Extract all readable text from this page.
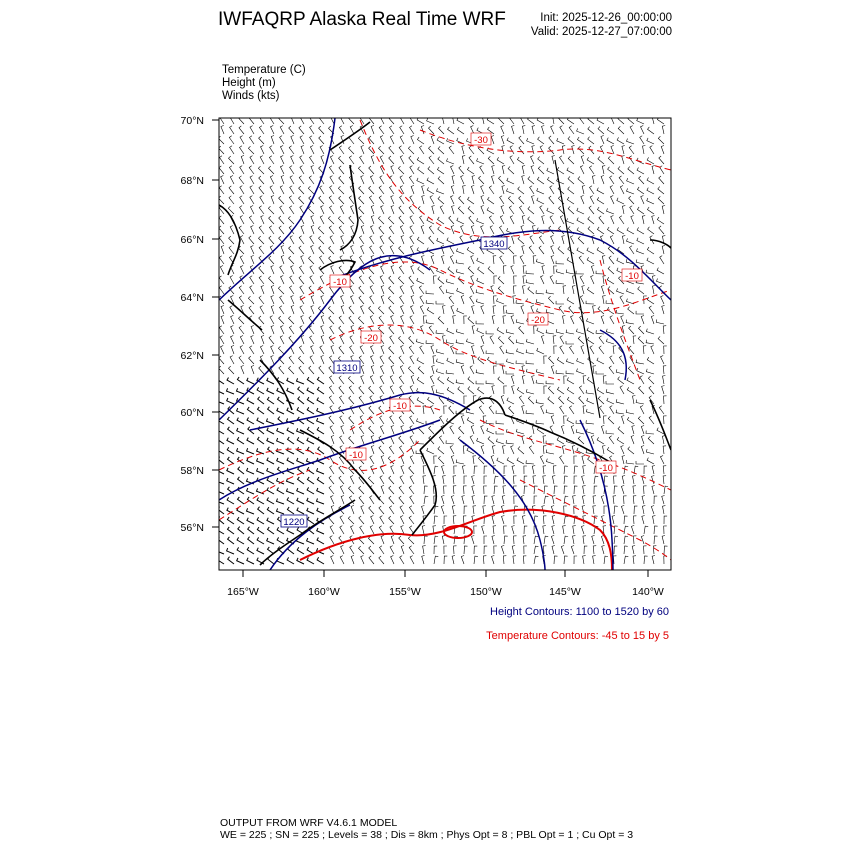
IWFAQRP Alaska Real Time WRF	Init: 2025-12-26_00:00:00
Valid: 2025-12-27_07:00:00
Temperature (C)
Height (m)
Winds (kts)
70°N
68°N
66°N
64°N
62°N
60°N
58°N
56°N
165°W	160°W	155°W	150°W	145°W	140°W
1340
1310
1220
-30
-20
-20
-10
-10
-10
-10
-10
Height Contours: 1100 to 1520 by 60
Temperature Contours: -45 to 15 by 5
OUTPUT FROM WRF V4.6.1 MODEL
WE = 225 ; SN = 225 ; Levels = 38 ; Dis = 8km ; Phys Opt = 8 ; PBL Opt = 1 ; Cu Opt = 3
